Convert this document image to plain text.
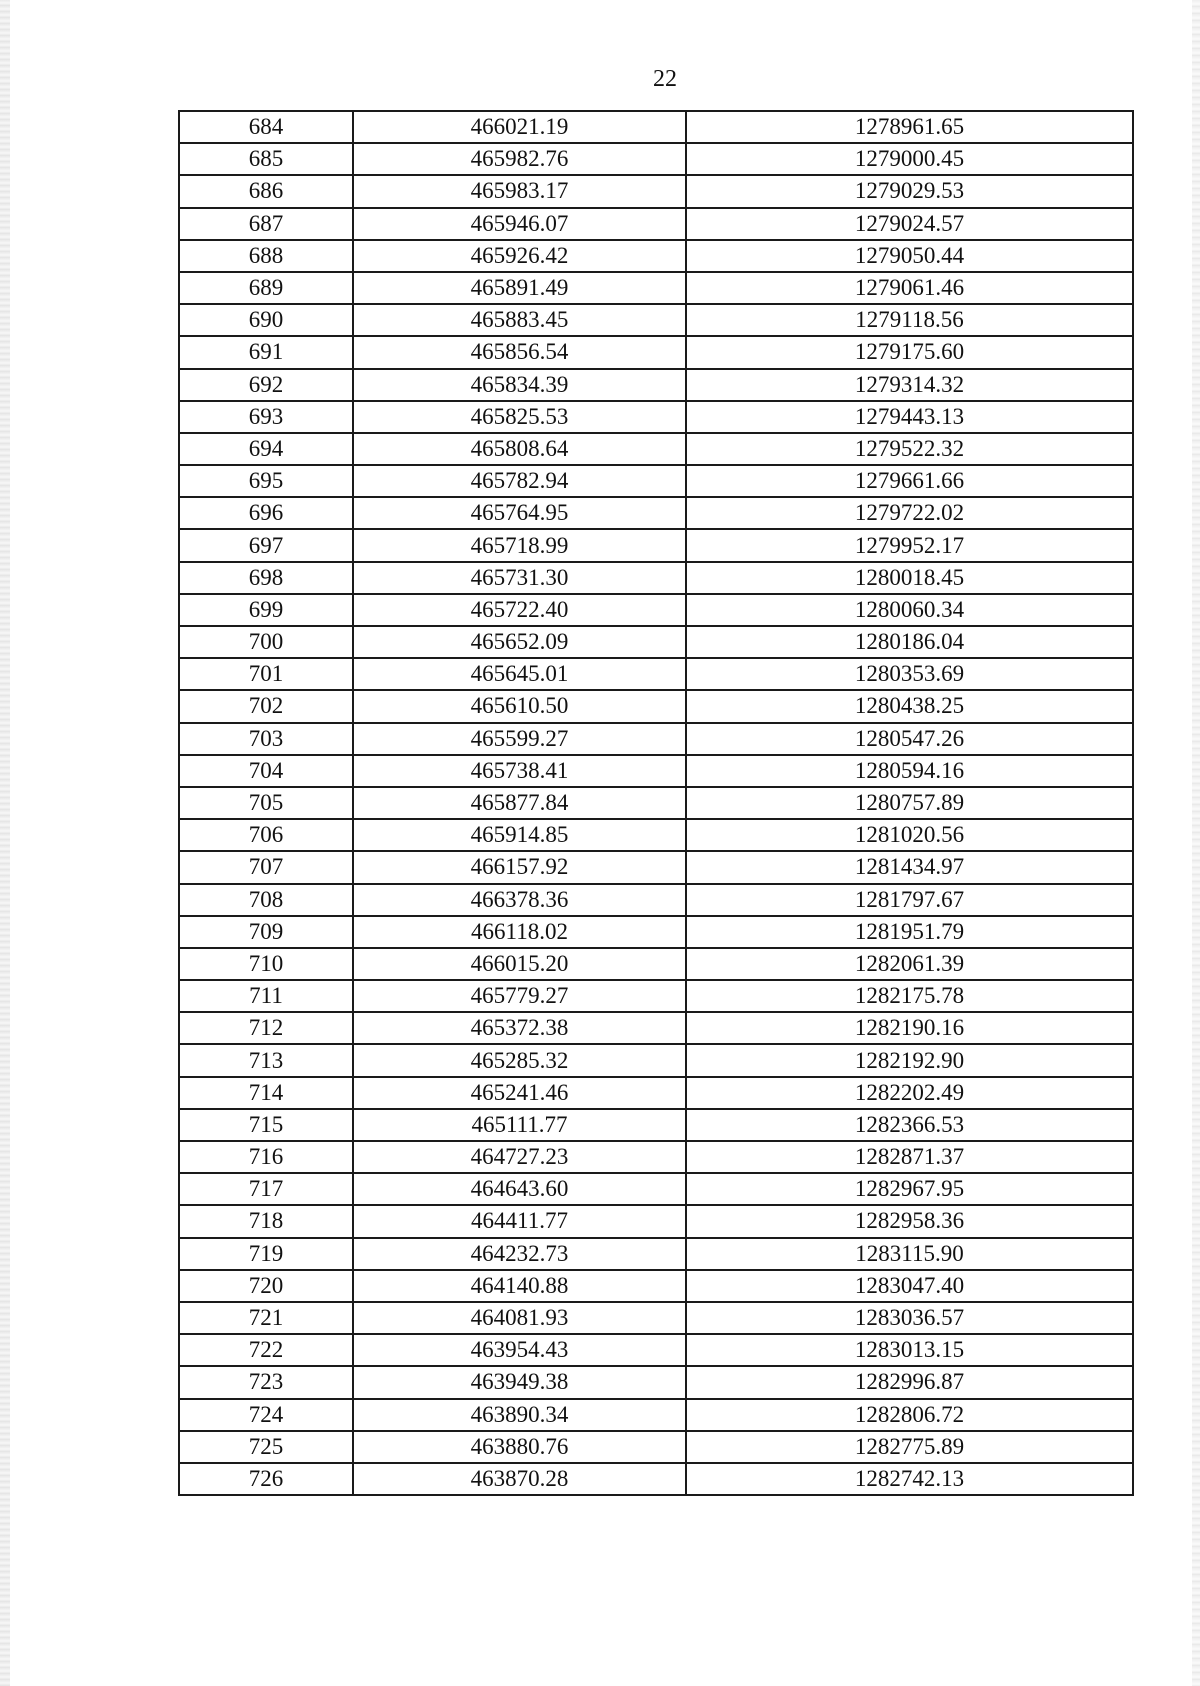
22
684	466021.19	1278961.65
685	465982.76	1279000.45
686	465983.17	1279029.53
687	465946.07	1279024.57
688	465926.42	1279050.44
689	465891.49	1279061.46
690	465883.45	1279118.56
691	465856.54	1279175.60
692	465834.39	1279314.32
693	465825.53	1279443.13
694	465808.64	1279522.32
695	465782.94	1279661.66
696	465764.95	1279722.02
697	465718.99	1279952.17
698	465731.30	1280018.45
699	465722.40	1280060.34
700	465652.09	1280186.04
701	465645.01	1280353.69
702	465610.50	1280438.25
703	465599.27	1280547.26
704	465738.41	1280594.16
705	465877.84	1280757.89
706	465914.85	1281020.56
707	466157.92	1281434.97
708	466378.36	1281797.67
709	466118.02	1281951.79
710	466015.20	1282061.39
711	465779.27	1282175.78
712	465372.38	1282190.16
713	465285.32	1282192.90
714	465241.46	1282202.49
715	465111.77	1282366.53
716	464727.23	1282871.37
717	464643.60	1282967.95
718	464411.77	1282958.36
719	464232.73	1283115.90
720	464140.88	1283047.40
721	464081.93	1283036.57
722	463954.43	1283013.15
723	463949.38	1282996.87
724	463890.34	1282806.72
725	463880.76	1282775.89
726	463870.28	1282742.13
